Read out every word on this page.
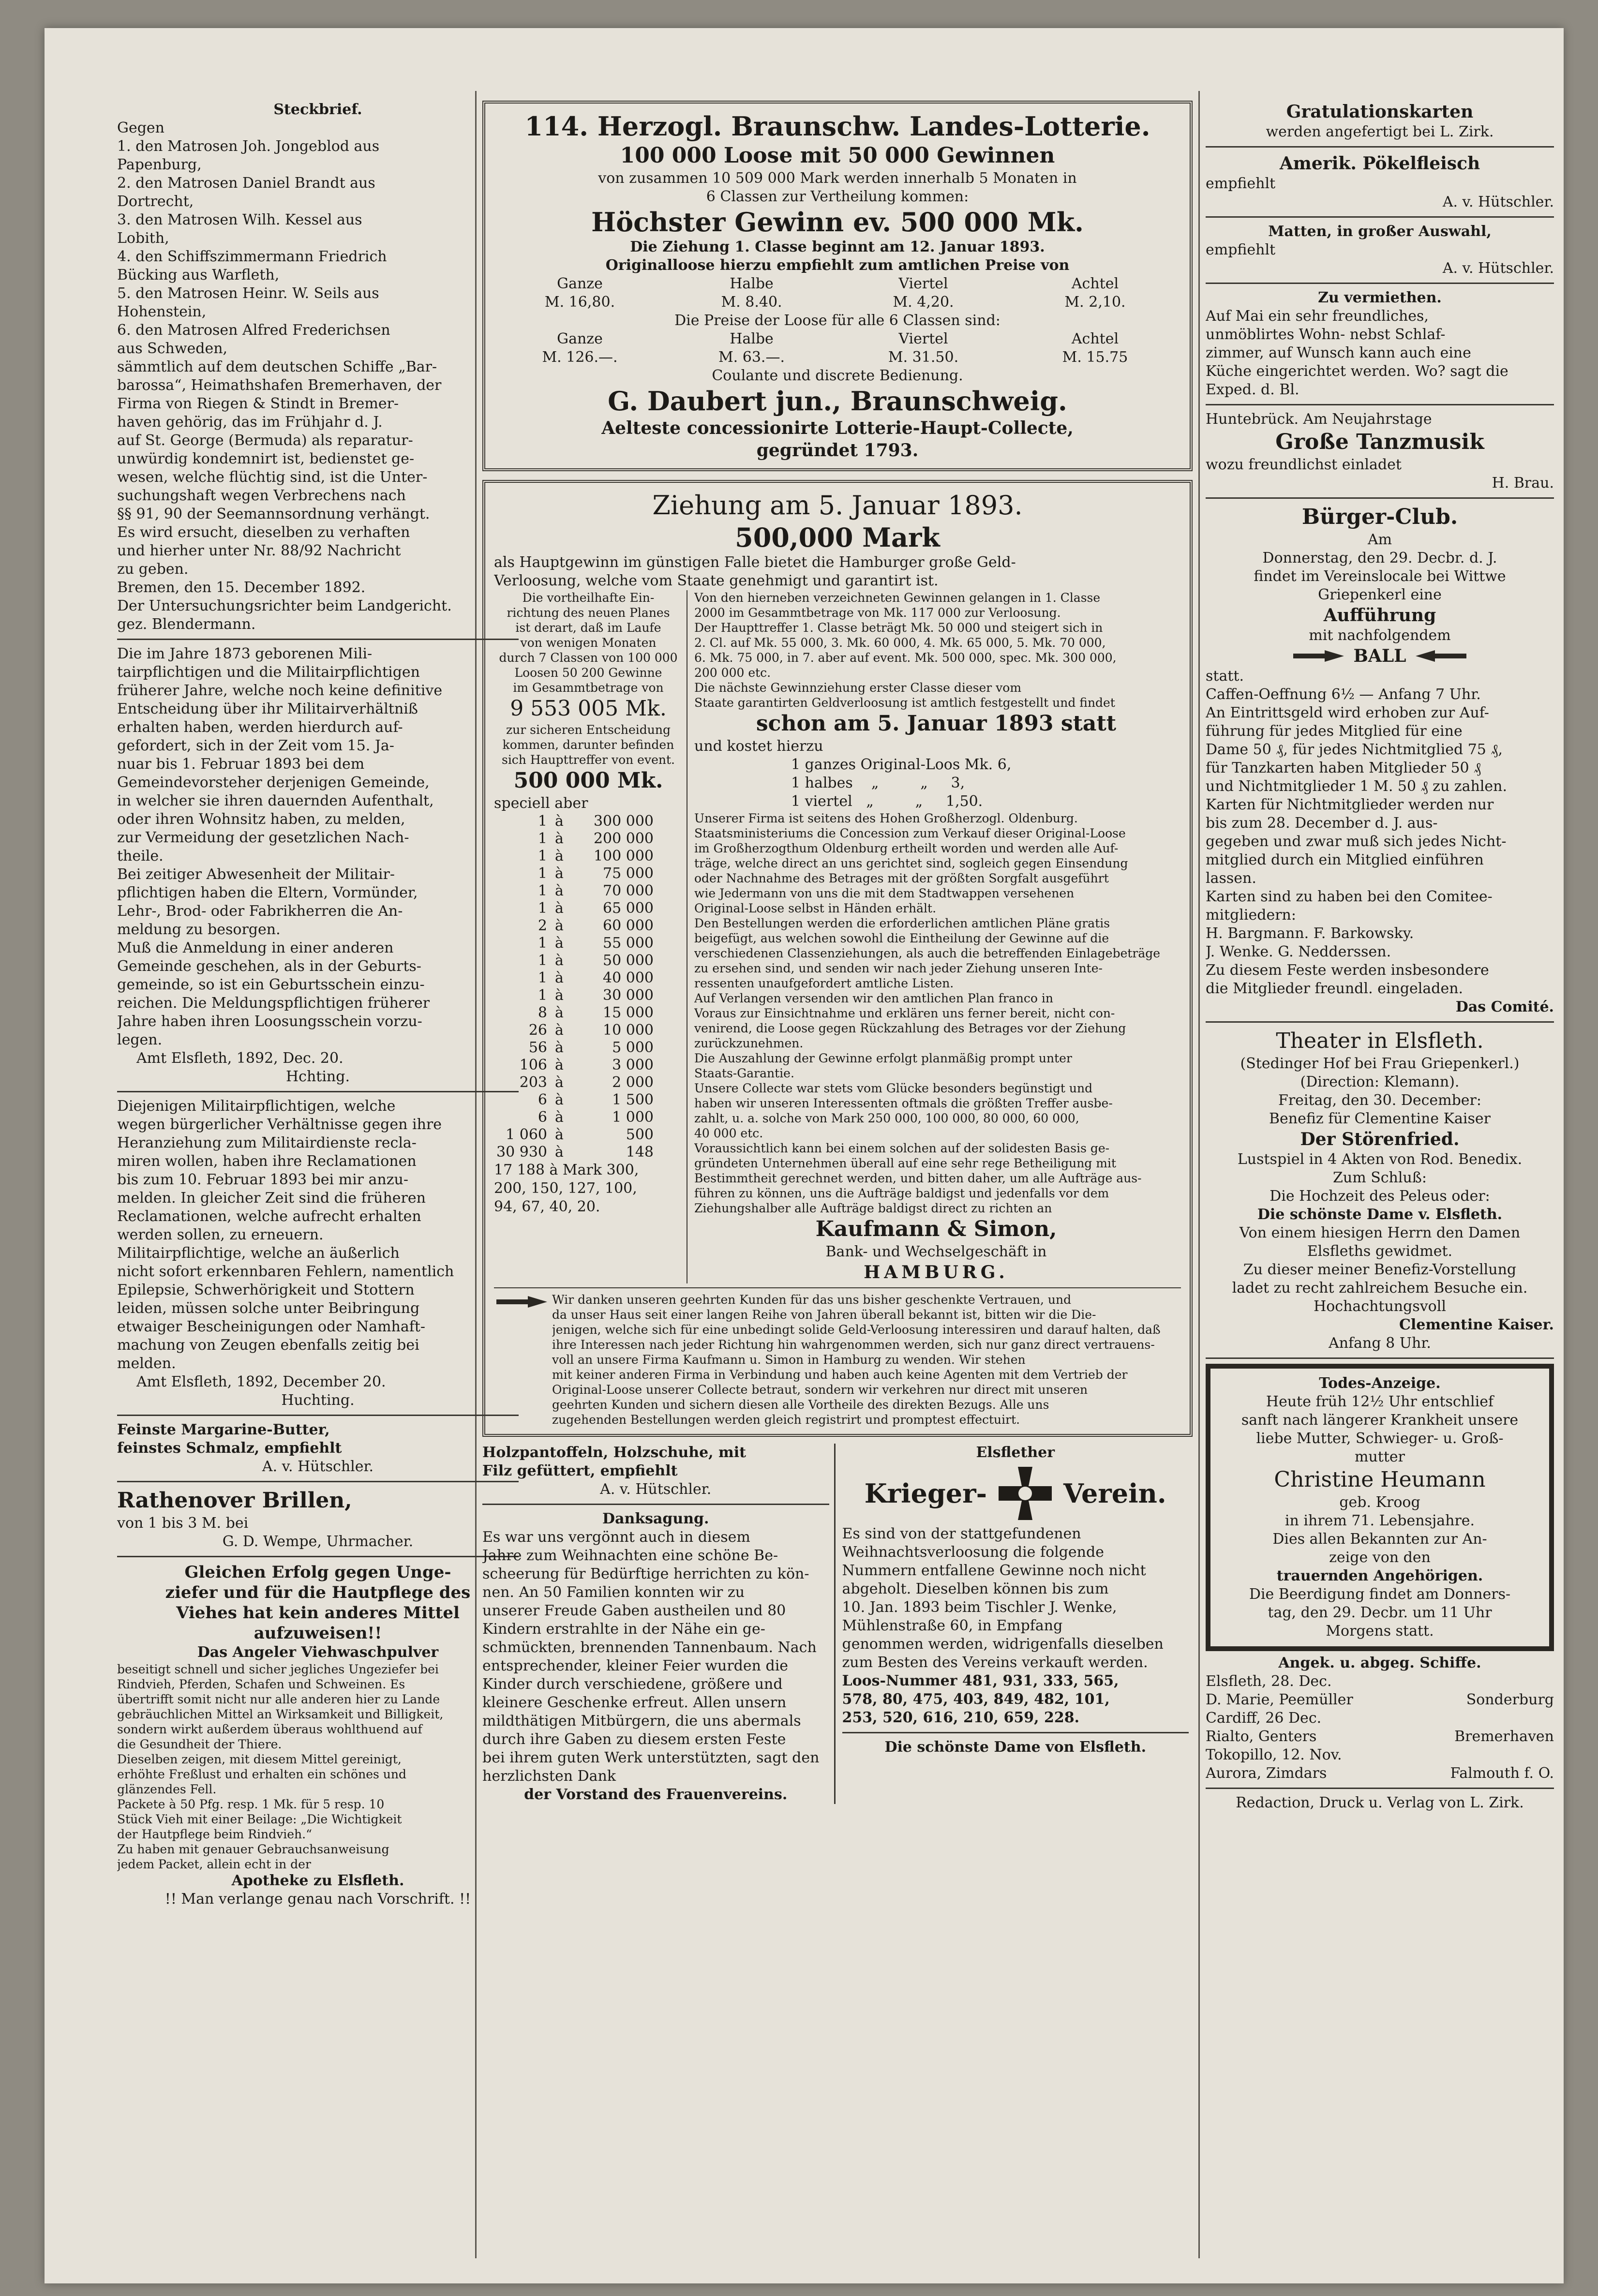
Steckbrief.
Gegen
1. den Matrosen Joh. Jongeblod aus
Papenburg,
2. den Matrosen Daniel Brandt aus
Dortrecht,
3. den Matrosen Wilh. Kessel aus
Lobith,
4. den Schiffszimmermann Friedrich
Bücking aus Warfleth,
5. den Matrosen Heinr. W. Seils aus
Hohenstein,
6. den Matrosen Alfred Frederichsen
aus Schweden,
sämmtlich auf dem deutschen Schiffe „Bar-
barossa“, Heimathshafen Bremerhaven, der
Firma von Riegen & Stindt in Bremer-
haven gehörig, das im Frühjahr d. J.
auf St. George (Bermuda) als reparatur-
unwürdig kondemnirt ist, bedienstet ge-
wesen, welche flüchtig sind, ist die Unter-
suchungshaft wegen Verbrechens nach
§§ 91, 90 der Seemannsordnung verhängt.
Es wird ersucht, dieselben zu verhaften
und hierher unter Nr. 88/92 Nachricht
zu geben.
Bremen, den 15. December 1892.
Der Untersuchungsrichter beim Landgericht.
gez. Blendermann.
Die im Jahre 1873 geborenen Mili-
tairpflichtigen und die Militairpflichtigen
früherer Jahre, welche noch keine definitive
Entscheidung über ihr Militairverhältniß
erhalten haben, werden hierdurch auf-
gefordert, sich in der Zeit vom 15. Ja-
nuar bis 1. Februar 1893 bei dem
Gemeindevorsteher derjenigen Gemeinde,
in welcher sie ihren dauernden Aufenthalt,
oder ihren Wohnsitz haben, zu melden,
zur Vermeidung der gesetzlichen Nach-
theile.
Bei zeitiger Abwesenheit der Militair-
pflichtigen haben die Eltern, Vormünder,
Lehr-, Brod- oder Fabrikherren die An-
meldung zu besorgen.
Muß die Anmeldung in einer anderen
Gemeinde geschehen, als in der Geburts-
gemeinde, so ist ein Geburtsschein einzu-
reichen. Die Meldungspflichtigen früherer
Jahre haben ihren Loosungsschein vorzu-
legen.
Amt Elsfleth, 1892, Dec. 20.
Hchting.
Diejenigen Militairpflichtigen, welche
wegen bürgerlicher Verhältnisse gegen ihre
Heranziehung zum Militairdienste recla-
miren wollen, haben ihre Reclamationen
bis zum 10. Februar 1893 bei mir anzu-
melden. In gleicher Zeit sind die früheren
Reclamationen, welche aufrecht erhalten
werden sollen, zu erneuern.
Militairpflichtige, welche an äußerlich
nicht sofort erkennbaren Fehlern, namentlich
Epilepsie, Schwerhörigkeit und Stottern
leiden, müssen solche unter Beibringung
etwaiger Bescheinigungen oder Namhaft-
machung von Zeugen ebenfalls zeitig bei
melden.
Amt Elsfleth, 1892, December 20.
Huchting.
Feinste Margarine-Butter,
feinstes Schmalz, empfiehlt
A. v. Hütschler.
Rathenover Brillen,
von 1 bis 3 M. bei
G. D. Wempe, Uhrmacher.
Gleichen Erfolg gegen Unge-
ziefer und für die Hautpflege des
Viehes hat kein anderes Mittel
aufzuweisen!!
Das Angeler Viehwaschpulver
beseitigt schnell und sicher jegliches Ungeziefer bei
Rindvieh, Pferden, Schafen und Schweinen. Es
übertrifft somit nicht nur alle anderen hier zu Lande
gebräuchlichen Mittel an Wirksamkeit und Billigkeit,
sondern wirkt außerdem überaus wohlthuend auf
die Gesundheit der Thiere.
Dieselben zeigen, mit diesem Mittel gereinigt,
erhöhte Freßlust und erhalten ein schönes und
glänzendes Fell.
Packete à 50 Pfg. resp. 1 Mk. für 5 resp. 10
Stück Vieh mit einer Beilage: „Die Wichtigkeit
der Hautpflege beim Rindvieh.“
Zu haben mit genauer Gebrauchsanweisung
jedem Packet, allein echt in der
Apotheke zu Elsfleth.
!! Man verlange genau nach Vorschrift. !!
114. Herzogl. Braunschw. Landes-Lotterie.
100 000 Loose mit 50 000 Gewinnen
von zusammen 10 509 000 Mark werden innerhalb 5 Monaten in
6 Classen zur Vertheilung kommen:
Höchster Gewinn ev. 500 000 Mk.
Die Ziehung 1. Classe beginnt am 12. Januar 1893.
Originalloose hierzu empfiehlt zum amtlichen Preise von
Ganze	Halbe	Viertel	Achtel
M. 16,80.	M. 8.40.	M. 4,20.	M. 2,10.
Die Preise der Loose für alle 6 Classen sind:
Ganze	Halbe	Viertel	Achtel
M. 126.—.	M. 63.—.	M. 31.50.	M. 15.75
Coulante und discrete Bedienung.
G. Daubert jun., Braunschweig.
Aelteste concessionirte Lotterie-Haupt-Collecte,
gegründet 1793.
Ziehung am 5. Januar 1893.
500,000 Mark
als Hauptgewinn im günstigen Falle bietet die Hamburger große Geld-
Verloosung, welche vom Staate genehmigt und garantirt ist.
Die vortheilhafte Ein-
richtung des neuen Planes
ist derart, daß im Laufe
von wenigen Monaten
durch 7 Classen von 100 000
Loosen 50 200 Gewinne
im Gesammtbetrage von
9 553 005 Mk.
zur sicheren Entscheidung
kommen, darunter befinden
sich Haupttreffer von event.
500 000 Mk.
speciell aber
1 à	300 000
1 à	200 000
1 à	100 000
1 à	75 000
1 à	70 000
1 à	65 000
2 à	60 000
1 à	55 000
1 à	50 000
1 à	40 000
1 à	30 000
8 à	15 000
26 à	10 000
56 à	5 000
106 à	3 000
203 à	2 000
6 à	1 500
6 à	1 000
1 060 à	500
30 930 à	148
17 188 à Mark 300,
200, 150, 127, 100,
94, 67, 40, 20.
Von den hierneben verzeichneten Gewinnen gelangen in 1. Classe
2000 im Gesammtbetrage von Mk. 117 000 zur Verloosung.
Der Haupttreffer 1. Classe beträgt Mk. 50 000 und steigert sich in
2. Cl. auf Mk. 55 000, 3. Mk. 60 000, 4. Mk. 65 000, 5. Mk. 70 000,
6. Mk. 75 000, in 7. aber auf event. Mk. 500 000, spec. Mk. 300 000,
200 000 etc.
Die nächste Gewinnziehung erster Classe dieser vom
Staate garantirten Geldverloosung ist amtlich festgestellt und findet
schon am 5. Januar 1893 statt
und kostet hierzu
1 ganzes Original-Loos Mk. 6,
1 halbes    „         „     3,
1 viertel   „         „     1,50.
Unserer Firma ist seitens des Hohen Großherzogl. Oldenburg.
Staatsministeriums die Concession zum Verkauf dieser Original-Loose
im Großherzogthum Oldenburg ertheilt worden und werden alle Auf-
träge, welche direct an uns gerichtet sind, sogleich gegen Einsendung
oder Nachnahme des Betrages mit der größten Sorgfalt ausgeführt
wie Jedermann von uns die mit dem Stadtwappen versehenen
Original-Loose selbst in Händen erhält.
Den Bestellungen werden die erforderlichen amtlichen Pläne gratis
beigefügt, aus welchen sowohl die Eintheilung der Gewinne auf die
verschiedenen Classenziehungen, als auch die betreffenden Einlagebeträge
zu ersehen sind, und senden wir nach jeder Ziehung unseren Inte-
ressenten unaufgefordert amtliche Listen.
Auf Verlangen versenden wir den amtlichen Plan franco in
Voraus zur Einsichtnahme und erklären uns ferner bereit, nicht con-
venirend, die Loose gegen Rückzahlung des Betrages vor der Ziehung
zurückzunehmen.
Die Auszahlung der Gewinne erfolgt planmäßig prompt unter
Staats-Garantie.
Unsere Collecte war stets vom Glücke besonders begünstigt und
haben wir unseren Interessenten oftmals die größten Treffer ausbe-
zahlt, u. a. solche von Mark 250 000, 100 000, 80 000, 60 000,
40 000 etc.
Voraussichtlich kann bei einem solchen auf der solidesten Basis ge-
gründeten Unternehmen überall auf eine sehr rege Betheiligung mit
Bestimmtheit gerechnet werden, und bitten daher, um alle Aufträge aus-
führen zu können, uns die Aufträge baldigst und jedenfalls vor dem
Ziehungshalber alle Aufträge baldigst direct zu richten an
Kaufmann & Simon,
Bank- und Wechselgeschäft in
HAMBURG.
Wir danken unseren geehrten Kunden für das uns bisher geschenkte Vertrauen, und
da unser Haus seit einer langen Reihe von Jahren überall bekannt ist, bitten wir die Die-
jenigen, welche sich für eine unbedingt solide Geld-Verloosung interessiren und darauf halten, daß
ihre Interessen nach jeder Richtung hin wahrgenommen werden, sich nur ganz direct vertrauens-
voll an unsere Firma Kaufmann u. Simon in Hamburg zu wenden. Wir stehen
mit keiner anderen Firma in Verbindung und haben auch keine Agenten mit dem Vertrieb der
Original-Loose unserer Collecte betraut, sondern wir verkehren nur direct mit unseren
geehrten Kunden und sichern diesen alle Vortheile des direkten Bezugs. Alle uns
zugehenden Bestellungen werden gleich registrirt und promptest effectuirt.
Holzpantoffeln, Holzschuhe, mit
Filz gefüttert, empfiehlt
A. v. Hütschler.
Danksagung.
Es war uns vergönnt auch in diesem
Jahre zum Weihnachten eine schöne Be-
scheerung für Bedürftige herrichten zu kön-
nen. An 50 Familien konnten wir zu
unserer Freude Gaben austheilen und 80
Kindern erstrahlte in der Nähe ein ge-
schmückten, brennenden Tannenbaum. Nach
entsprechender, kleiner Feier wurden die
Kinder durch verschiedene, größere und
kleinere Geschenke erfreut. Allen unsern
mildthätigen Mitbürgern, die uns abermals
durch ihre Gaben zu diesem ersten Feste
bei ihrem guten Werk unterstützten, sagt den
herzlichsten Dank
der Vorstand des Frauenvereins.
Elsflether
Krieger-	Verein.
Es sind von der stattgefundenen
Weihnachtsverloosung die folgende
Nummern entfallene Gewinne noch nicht
abgeholt. Dieselben können bis zum
10. Jan. 1893 beim Tischler J. Wenke,
Mühlenstraße 60, in Empfang
genommen werden, widrigenfalls dieselben
zum Besten des Vereins verkauft werden.
Loos-Nummer 481, 931, 333, 565,
578, 80, 475, 403, 849, 482, 101,
253, 520, 616, 210, 659, 228.
Die schönste Dame von Elsfleth.
Gratulationskarten
werden angefertigt bei L. Zirk.
Amerik. Pökelfleisch
empfiehlt
A. v. Hütschler.
Matten, in großer Auswahl,
empfiehlt
A. v. Hütschler.
Zu vermiethen.
Auf Mai ein sehr freundliches,
unmöblirtes Wohn- nebst Schlaf-
zimmer, auf Wunsch kann auch eine
Küche eingerichtet werden. Wo? sagt die
Exped. d. Bl.
Huntebrück. Am Neujahrstage
Große Tanzmusik
wozu freundlichst einladet
H. Brau.
Bürger-Club.
Am
Donnerstag, den 29. Decbr. d. J.
findet im Vereinslocale bei Wittwe
Griepenkerl eine
Aufführung
mit nachfolgendem
BALL
statt.
Caffen-Oeffnung 6½ — Anfang 7 Uhr.
An Eintrittsgeld wird erhoben zur Auf-
führung für jedes Mitglied für eine
Dame 50 ₰, für jedes Nichtmitglied 75 ₰,
für Tanzkarten haben Mitglieder 50 ₰
und Nichtmitglieder 1 M. 50 ₰ zu zahlen.
Karten für Nichtmitglieder werden nur
bis zum 28. December d. J. aus-
gegeben und zwar muß sich jedes Nicht-
mitglied durch ein Mitglied einführen
lassen.
Karten sind zu haben bei den Comitee-
mitgliedern:
H. Bargmann. F. Barkowsky.
J. Wenke. G. Nedderssen.
Zu diesem Feste werden insbesondere
die Mitglieder freundl. eingeladen.
Das Comité.
Theater in Elsfleth.
(Stedinger Hof bei Frau Griepenkerl.)
(Direction: Klemann).
Freitag, den 30. December:
Benefiz für Clementine Kaiser
Der Störenfried.
Lustspiel in 4 Akten von Rod. Benedix.
Zum Schluß:
Die Hochzeit des Peleus oder:
Die schönste Dame v. Elsfleth.
Von einem hiesigen Herrn den Damen
Elsfleths gewidmet.
Zu dieser meiner Benefiz-Vorstellung
ladet zu recht zahlreichem Besuche ein.
Hochachtungsvoll
Clementine Kaiser.
Anfang 8 Uhr.
Todes-Anzeige.
Heute früh 12½ Uhr entschlief
sanft nach längerer Krankheit unsere
liebe Mutter, Schwieger- u. Groß-
mutter
Christine Heumann
geb. Kroog
in ihrem 71. Lebensjahre.
Dies allen Bekannten zur An-
zeige von den
trauernden Angehörigen.
Die Beerdigung findet am Donners-
tag, den 29. Decbr. um 11 Uhr
Morgens statt.
Angek. u. abgeg. Schiffe.
Elsfleth, 28. Dec.
D. Marie, Peemüller	Sonderburg
Cardiff, 26 Dec.
Rialto, Genters	Bremerhaven
Tokopillo, 12. Nov.
Aurora, Zimdars	Falmouth f. O.
Redaction, Druck u. Verlag von L. Zirk.
